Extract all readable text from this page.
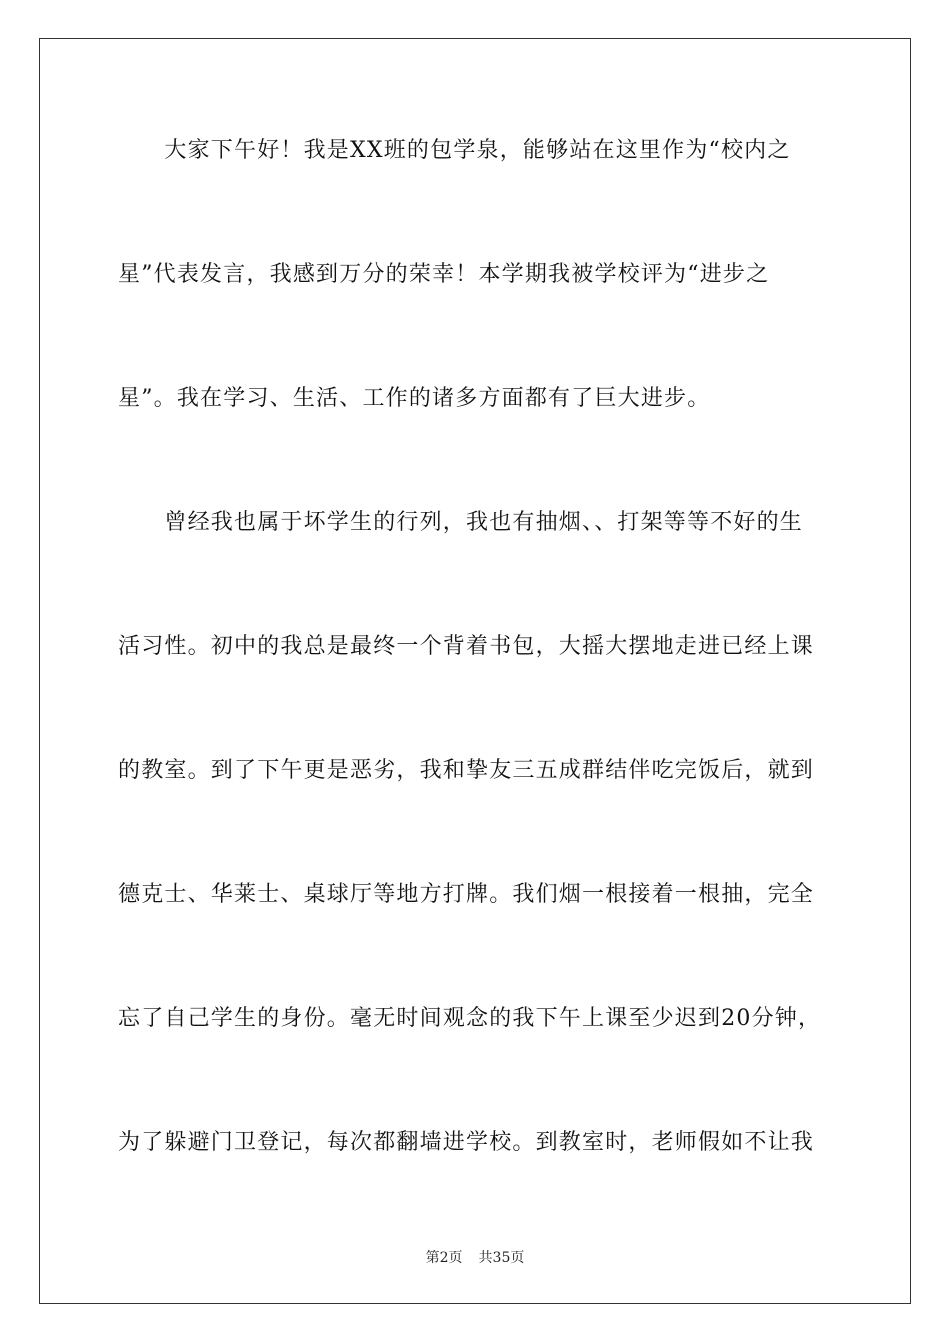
　　大家下午好！我是XX班的包学泉，能够站在这里作为“校内之
星”代表发言，我感到万分的荣幸！本学期我被学校评为“进步之
星”。我在学习、生活、工作的诸多方面都有了巨大进步。
　　曾经我也属于坏学生的行列，我也有抽烟、、打架等等不好的生
活习性。初中的我总是最终一个背着书包，大摇大摆地走进已经上课
的教室。到了下午更是恶劣，我和挚友三五成群结伴吃完饭后，就到
德克士、华莱士、桌球厅等地方打牌。我们烟一根接着一根抽，完全
忘了自己学生的身份。毫无时间观念的我下午上课至少迟到20分钟，
为了躲避门卫登记，每次都翻墙进学校。到教室时，老师假如不让我
第2页 共35页
